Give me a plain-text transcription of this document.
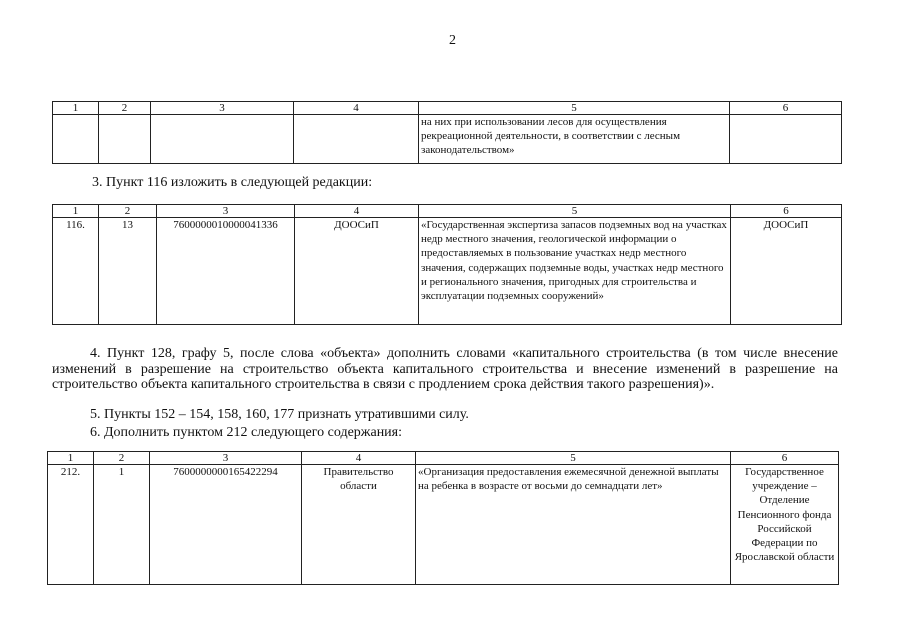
2
1	2	3	4	5	6
				на них при использовании лесов для осуществления рекреационной деятельности, в соответствии с лесным законодательством»	
3. Пункт 116 изложить в следующей редакции:
1	2	3	4	5	6
116.	13	7600000010000041336	ДООСиП	«Государственная экспертиза запасов подземных вод на участках недр местного значения, геологической информации о предоставляемых в пользование участках недр местного значения, содержащих подземные воды, участках недр местного и регионального значения, пригодных для строительства и эксплуатации подземных сооружений»	ДООСиП
4. Пункт 128, графу 5, после слова «объекта» дополнить словами «капитального строительства (в том числе внесение изменений в разрешение на строительство объекта капитального строительства и внесение изменений в разрешение на строительство объекта капитального строительства в связи с продлением срока действия такого разрешения)».
5. Пункты 152 – 154, 158, 160, 177 признать утратившими силу.
6. Дополнить пунктом 212 следующего содержания:
1	2	3	4	5	6
212.	1	7600000000165422294	Правительство области	«Организация предоставления ежемесячной денежной выплаты на ребенка в возрасте от восьми до семнадцати лет»	Государственное учреждение – Отделение Пенсионного фонда Российской Федерации по Ярославской области
